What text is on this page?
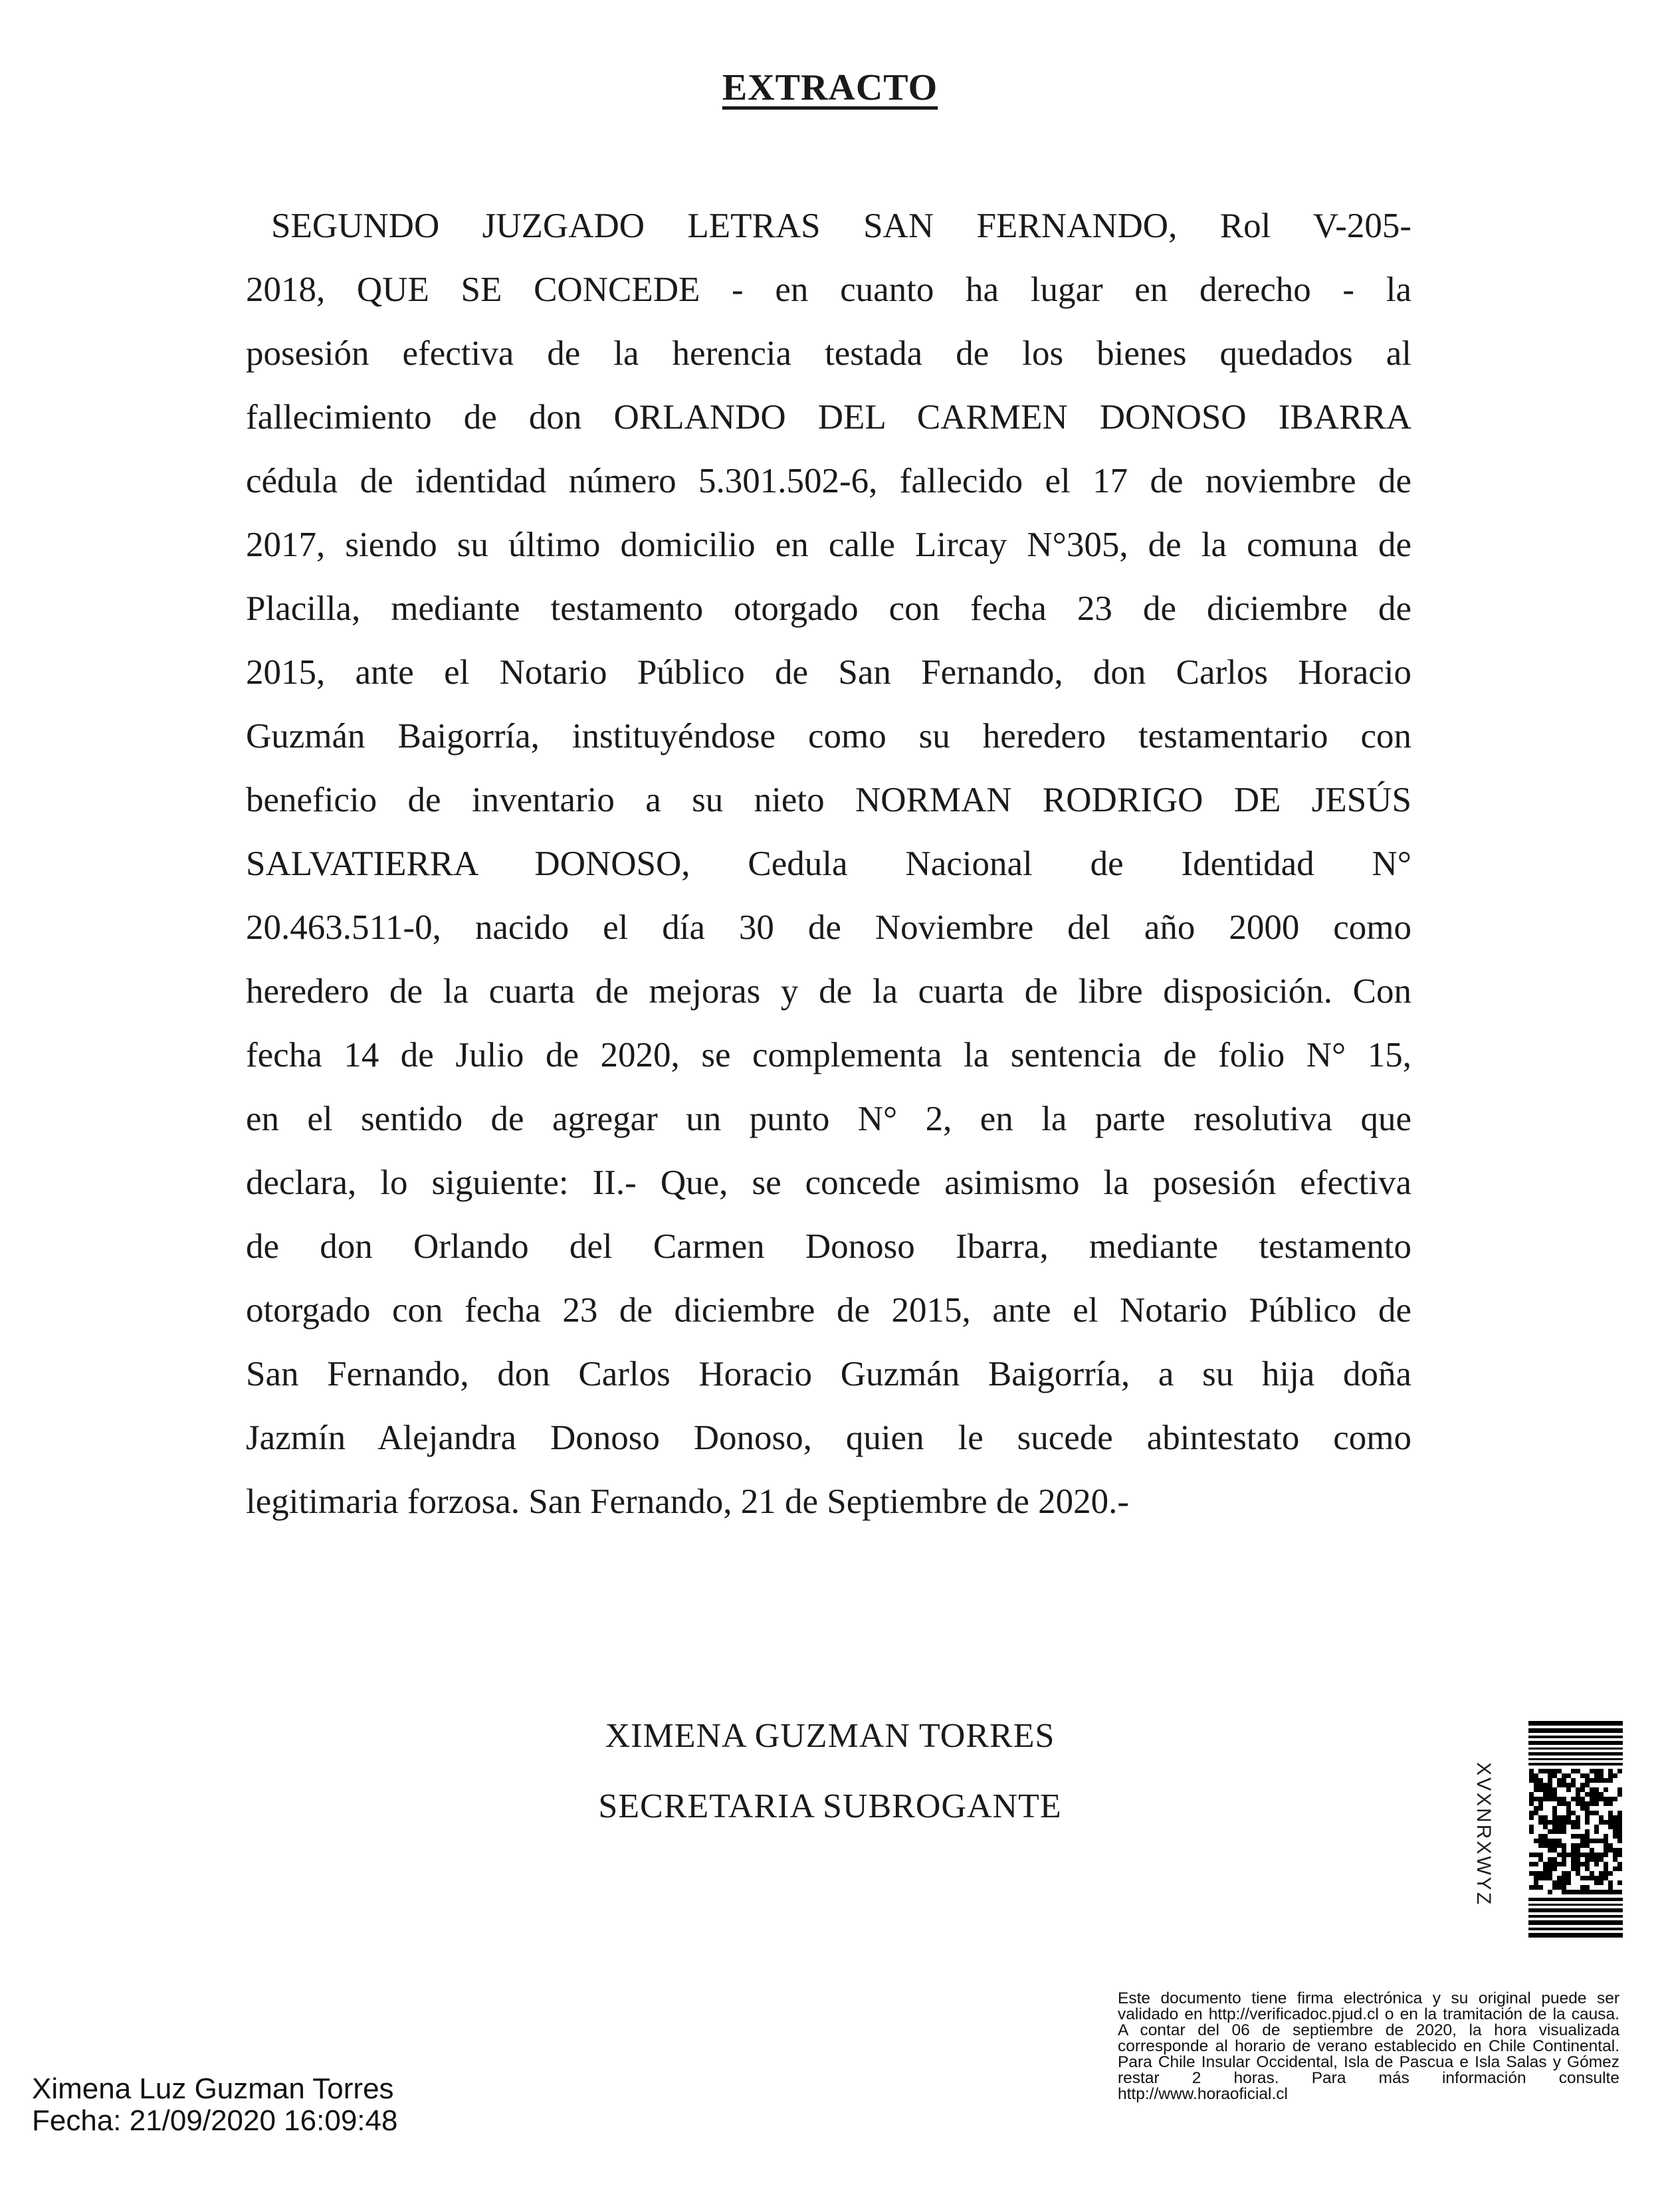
EXTRACTO
SEGUNDO JUZGADO LETRAS SAN FERNANDO, Rol V-205-
2018, QUE SE CONCEDE - en cuanto ha lugar en derecho - la
posesión efectiva de la herencia testada de los bienes quedados al
fallecimiento de don ORLANDO DEL CARMEN DONOSO IBARRA
cédula de identidad número 5.301.502-6, fallecido el 17 de noviembre de
2017, siendo su último domicilio en calle Lircay N°305, de la comuna de
Placilla, mediante testamento otorgado con fecha 23 de diciembre de
2015, ante el Notario Público de San Fernando, don Carlos Horacio
Guzmán Baigorría, instituyéndose como su heredero testamentario con
beneficio de inventario a su nieto NORMAN RODRIGO DE JESÚS
SALVATIERRA DONOSO, Cedula Nacional de Identidad N°
20.463.511-0, nacido el día 30 de Noviembre del año 2000 como
heredero de la cuarta de mejoras y de la cuarta de libre disposición. Con
fecha 14 de Julio de 2020, se complementa la sentencia de folio N° 15,
en el sentido de agregar un punto N° 2, en la parte resolutiva que
declara, lo siguiente: II.- Que, se concede asimismo la posesión efectiva
de don Orlando del Carmen Donoso Ibarra, mediante testamento
otorgado con fecha 23 de diciembre de 2015, ante el Notario Público de
San Fernando, don Carlos Horacio Guzmán Baigorría, a su hija doña
Jazmín Alejandra Donoso Donoso, quien le sucede abintestato como
legitimaria forzosa. San Fernando, 21 de Septiembre de 2020.-
XIMENA GUZMAN TORRES
SECRETARIA SUBROGANTE	XVXNRXWYZ
Este documento tiene firma electrónica y su original puede ser validado en http://verificadoc.pjud.cl o en la tramitación de la causa. A contar del 06 de septiembre de 2020, la hora visualizada corresponde al horario de verano establecido en Chile Continental. Para Chile Insular Occidental, Isla de Pascua e Isla Salas y Gómez restar 2 horas. Para más información consulte http://www.horaoficial.cl
Ximena Luz Guzman Torres
Fecha: 21/09/2020 16:09:48
